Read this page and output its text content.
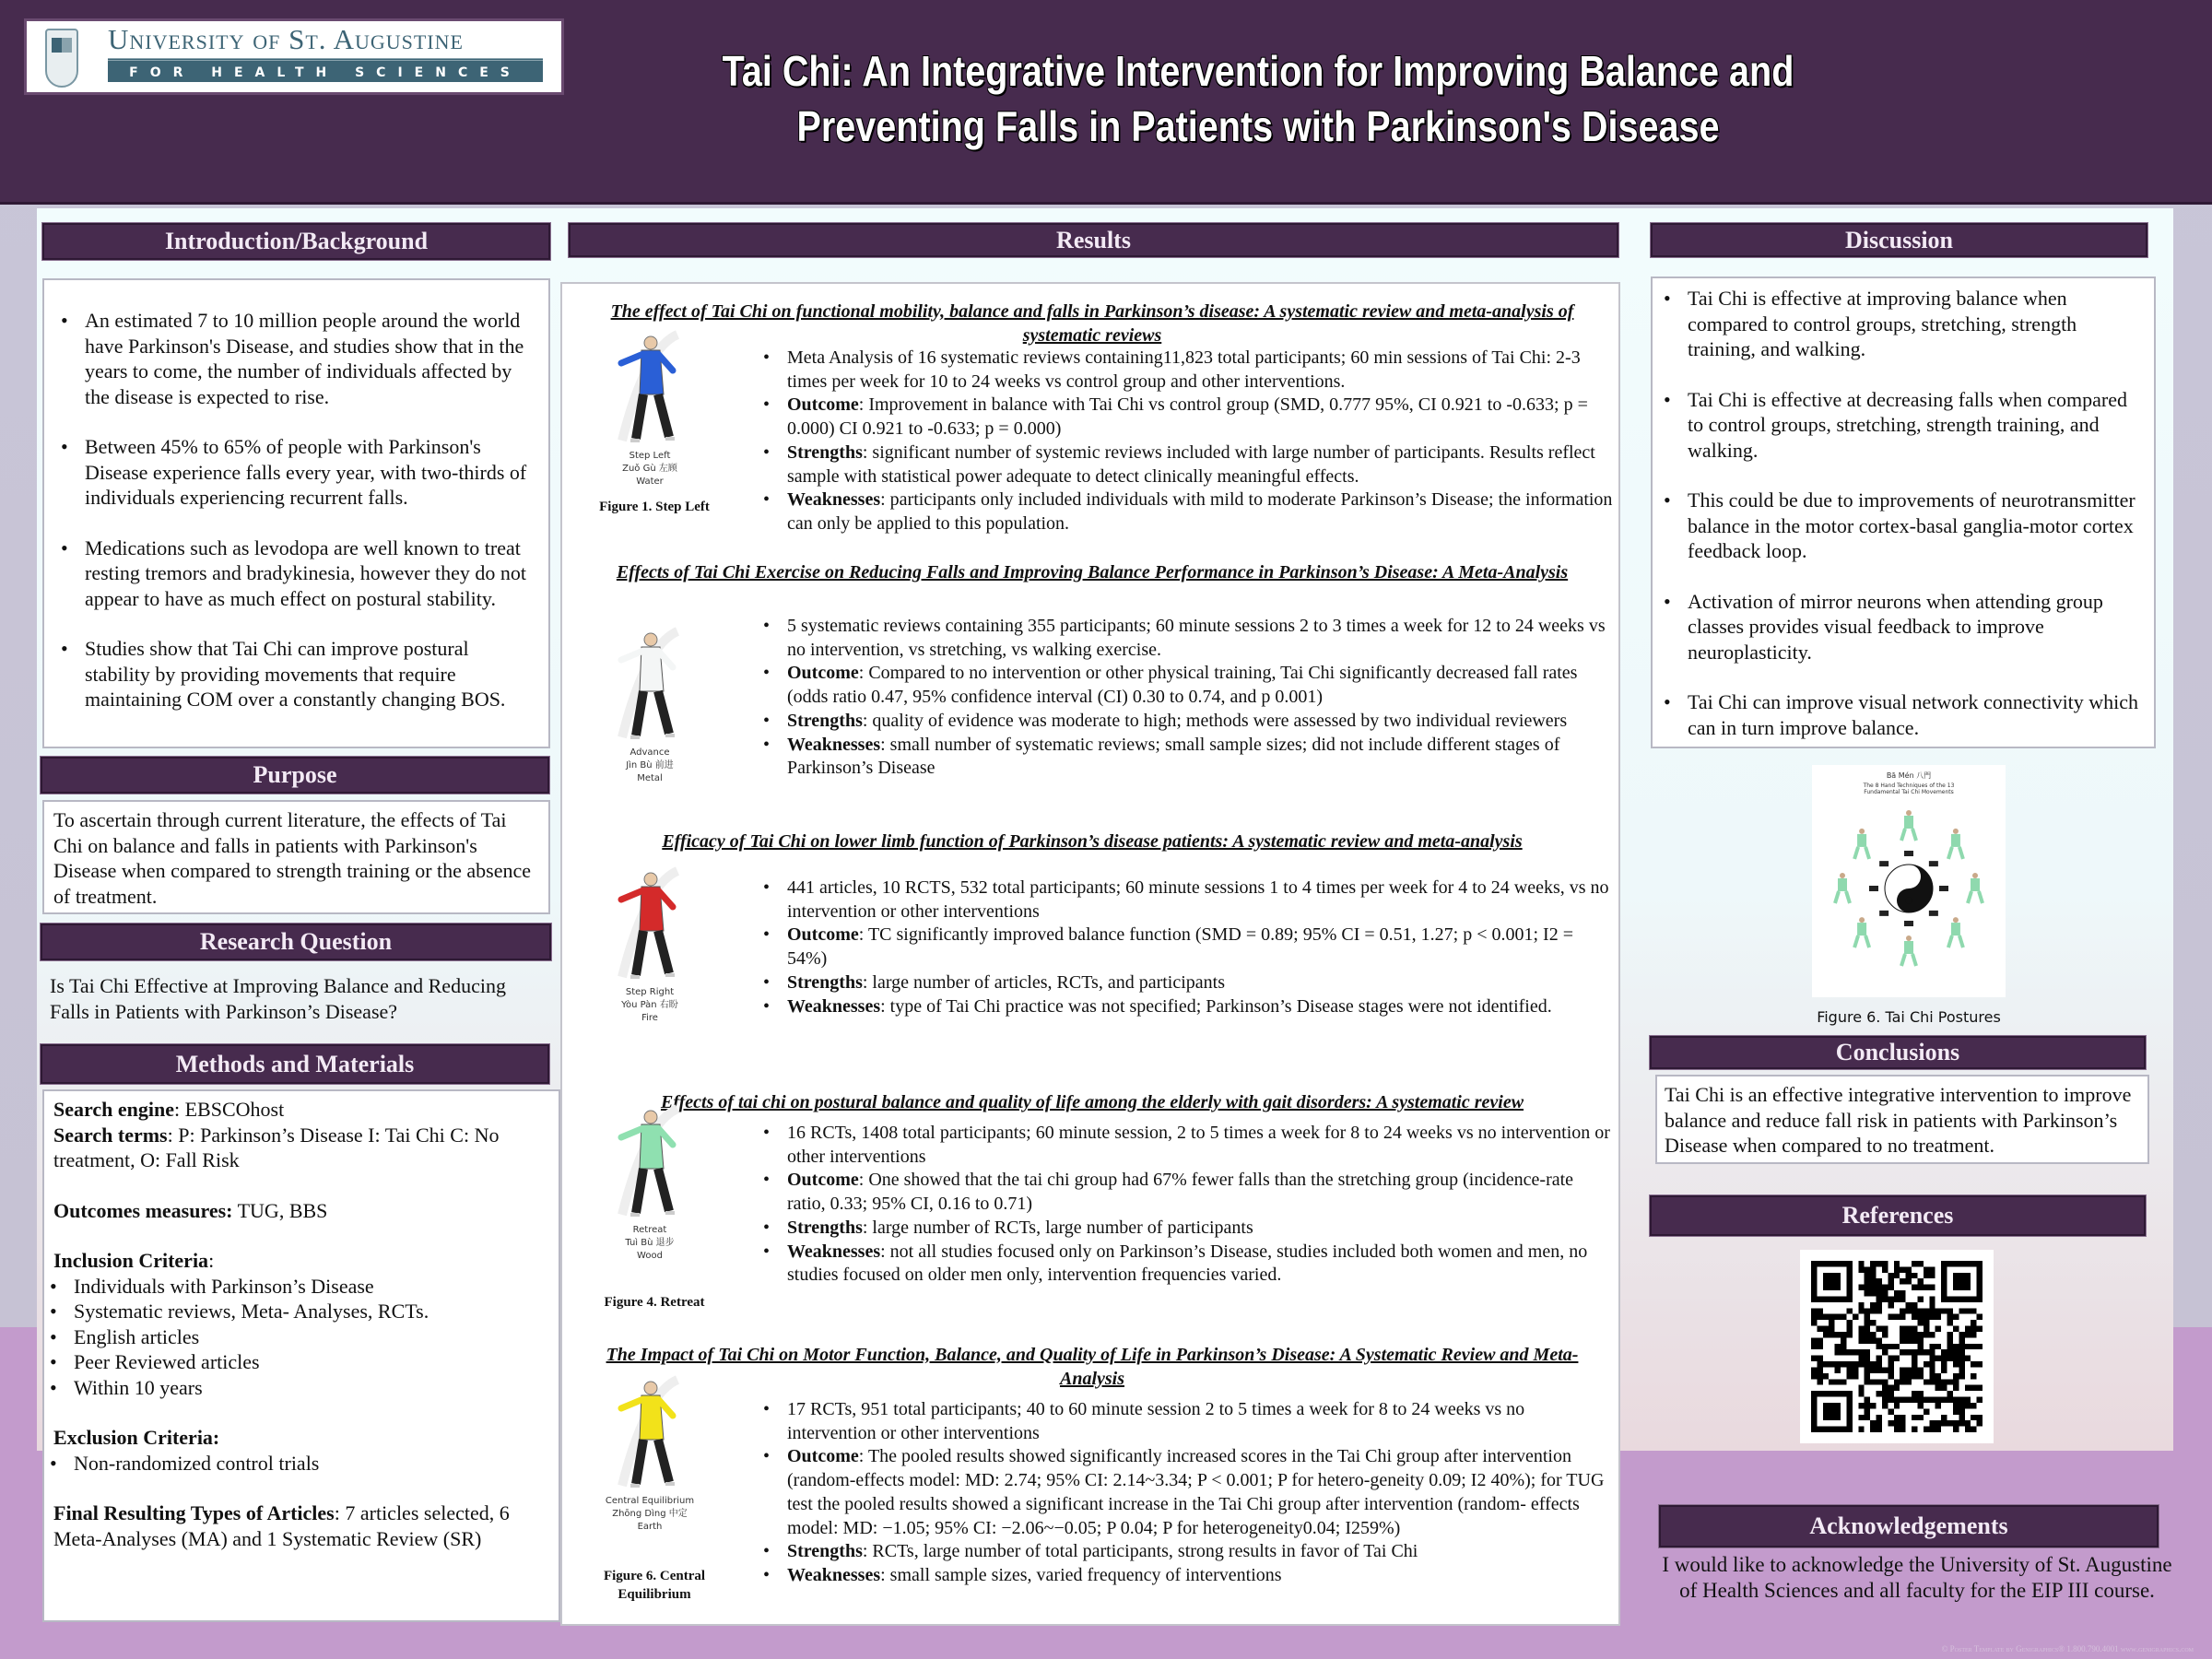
University of St. Augustine
FOR HEALTH SCIENCES	Tai Chi: An Integrative Intervention for Improving Balance and
Preventing Falls in Patients with Parkinson's Disease
Introduction/Background
• An estimated 7 to 10 million people around the world have Parkinson's Disease, and studies show that in the years to come, the number of individuals affected by the disease is expected to rise.
• Between 45% to 65% of people with Parkinson's Disease experience falls every year, with two-thirds of individuals experiencing recurrent falls.
• Medications such as levodopa are well known to treat resting tremors and bradykinesia, however they do not appear to have as much effect on postural stability.
• Studies show that Tai Chi can improve postural stability by providing movements that require maintaining COM over a constantly changing BOS.
Purpose
To ascertain through current literature, the effects of Tai Chi on balance and falls in patients with Parkinson's Disease when compared to strength training or the absence of treatment.
Research Question
Is Tai Chi Effective at Improving Balance and Reducing Falls in Patients with Parkinson’s Disease?
Methods and Materials
Search engine: EBSCOhost
Search terms: P: Parkinson’s Disease I: Tai Chi C: No treatment, O: Fall Risk
Outcomes measures: TUG, BBS
Inclusion Criteria:
• Individuals with Parkinson’s Disease
• Systematic reviews, Meta- Analyses, RCTs.
• English articles
• Peer Reviewed articles
• Within 10 years
Exclusion Criteria:
• Non-randomized control trials
Final Resulting Types of Articles: 7 articles selected, 6 Meta-Analyses (MA) and 1 Systematic Review (SR)
Results
The effect of Tai Chi on functional mobility, balance and falls in Parkinson’s disease: A systematic review and meta-analysis of systematic reviews
Step Left
Zuǒ Gù 左顾
Water
Figure 1. Step Left
• Meta Analysis of 16 systematic reviews containing11,823 total participants; 60 min sessions of Tai Chi: 2-3 times per week for 10 to 24 weeks vs control group and other interventions.
• Outcome: Improvement in balance with Tai Chi vs control group (SMD, 0.777 95%, CI 0.921 to -0.633; p = 0.000) CI 0.921 to -0.633; p = 0.000)
• Strengths: significant number of systemic reviews included with large number of participants. Results reflect sample with statistical power adequate to detect clinically meaningful effects.
• Weaknesses: participants only included individuals with mild to moderate Parkinson’s Disease; the information can only be applied to this population.
Effects of Tai Chi Exercise on Reducing Falls and Improving Balance Performance in Parkinson’s Disease: A Meta-Analysis
Advance
Jìn Bù 前进
Metal
• 5 systematic reviews containing 355 participants; 60 minute sessions 2 to 3 times a week for 12 to 24 weeks vs no intervention, vs stretching, vs walking exercise.
• Outcome: Compared to no intervention or other physical training, Tai Chi significantly decreased fall rates (odds ratio 0.47, 95% confidence interval (CI) 0.30 to 0.74, and p 0.001)
• Strengths: quality of evidence was moderate to high; methods were assessed by two individual reviewers
• Weaknesses: small number of systematic reviews; small sample sizes; did not include different stages of Parkinson’s Disease
Efficacy of Tai Chi on lower limb function of Parkinson’s disease patients: A systematic review and meta-analysis
Step Right
Yòu Pàn 右盼
Fire
• 441 articles, 10 RCTS, 532 total participants; 60 minute sessions 1 to 4 times per week for 4 to 24 weeks, vs no intervention or other interventions
• Outcome: TC significantly improved balance function (SMD = 0.89; 95% CI = 0.51, 1.27; p < 0.001; I2 = 54%)
• Strengths: large number of articles, RCTs, and participants
• Weaknesses: type of Tai Chi practice was not specified; Parkinson’s Disease stages were not identified.
Effects of tai chi on postural balance and quality of life among the elderly with gait disorders: A systematic review
Retreat
Tuì Bù 退步
Wood
Figure 4. Retreat
• 16 RCTs, 1408 total participants; 60 minute session, 2 to 5 times a week for 8 to 24 weeks vs no intervention or other interventions
• Outcome: One showed that the tai chi group had 67% fewer falls than the stretching group (incidence-rate ratio, 0.33; 95% CI, 0.16 to 0.71)
• Strengths: large number of RCTs, large number of participants
• Weaknesses: not all studies focused only on Parkinson’s Disease, studies included both women and men, no studies focused on older men only, intervention frequencies varied.
The Impact of Tai Chi on Motor Function, Balance, and Quality of Life in Parkinson’s Disease: A Systematic Review and Meta-Analysis
Central Equilibrium
Zhōng Dìng 中定
Earth
Figure 6. Central Equilibrium
• 17 RCTs, 951 total participants; 40 to 60 minute session 2 to 5 times a week for 8 to 24 weeks vs no intervention or other interventions
• Outcome: The pooled results showed significantly increased scores in the Tai Chi group after intervention (random-effects model: MD: 2.74; 95% CI: 2.14~3.34; P < 0.001; P for hetero-geneity 0.09; I2 40%); for TUG test the pooled results showed a significant increase in the Tai Chi group after intervention (random- effects model: MD: −1.05; 95% CI: −2.06~−0.05; P 0.04; P for heterogeneity0.04; I259%)
• Strengths: RCTs, large number of total participants, strong results in favor of Tai Chi
• Weaknesses: small sample sizes, varied frequency of interventions
Discussion
• Tai Chi is effective at improving balance when compared to control groups, stretching, strength training, and walking.
• Tai Chi is effective at decreasing falls when compared to control groups, stretching, strength training, and walking.
• This could be due to improvements of neurotransmitter balance in the motor cortex-basal ganglia-motor cortex feedback loop.
• Activation of mirror neurons when attending group classes provides visual feedback to improve neuroplasticity.
• Tai Chi can improve visual network connectivity which can in turn improve balance.
Bā Mén 八門
The 8 Hand Techniques of the 13 Fundamental Tai Chi Movements
Figure 6. Tai Chi Postures
Conclusions
Tai Chi is an effective integrative intervention to improve balance and reduce fall risk in patients with Parkinson’s Disease when compared to no treatment.
References
Acknowledgements
I would like to acknowledge the University of St. Augustine of Health Sciences and all faculty for the EIP III course.
© Poster Template by Genigraphics® 1.800.790.4001 www.genigraphics.com
